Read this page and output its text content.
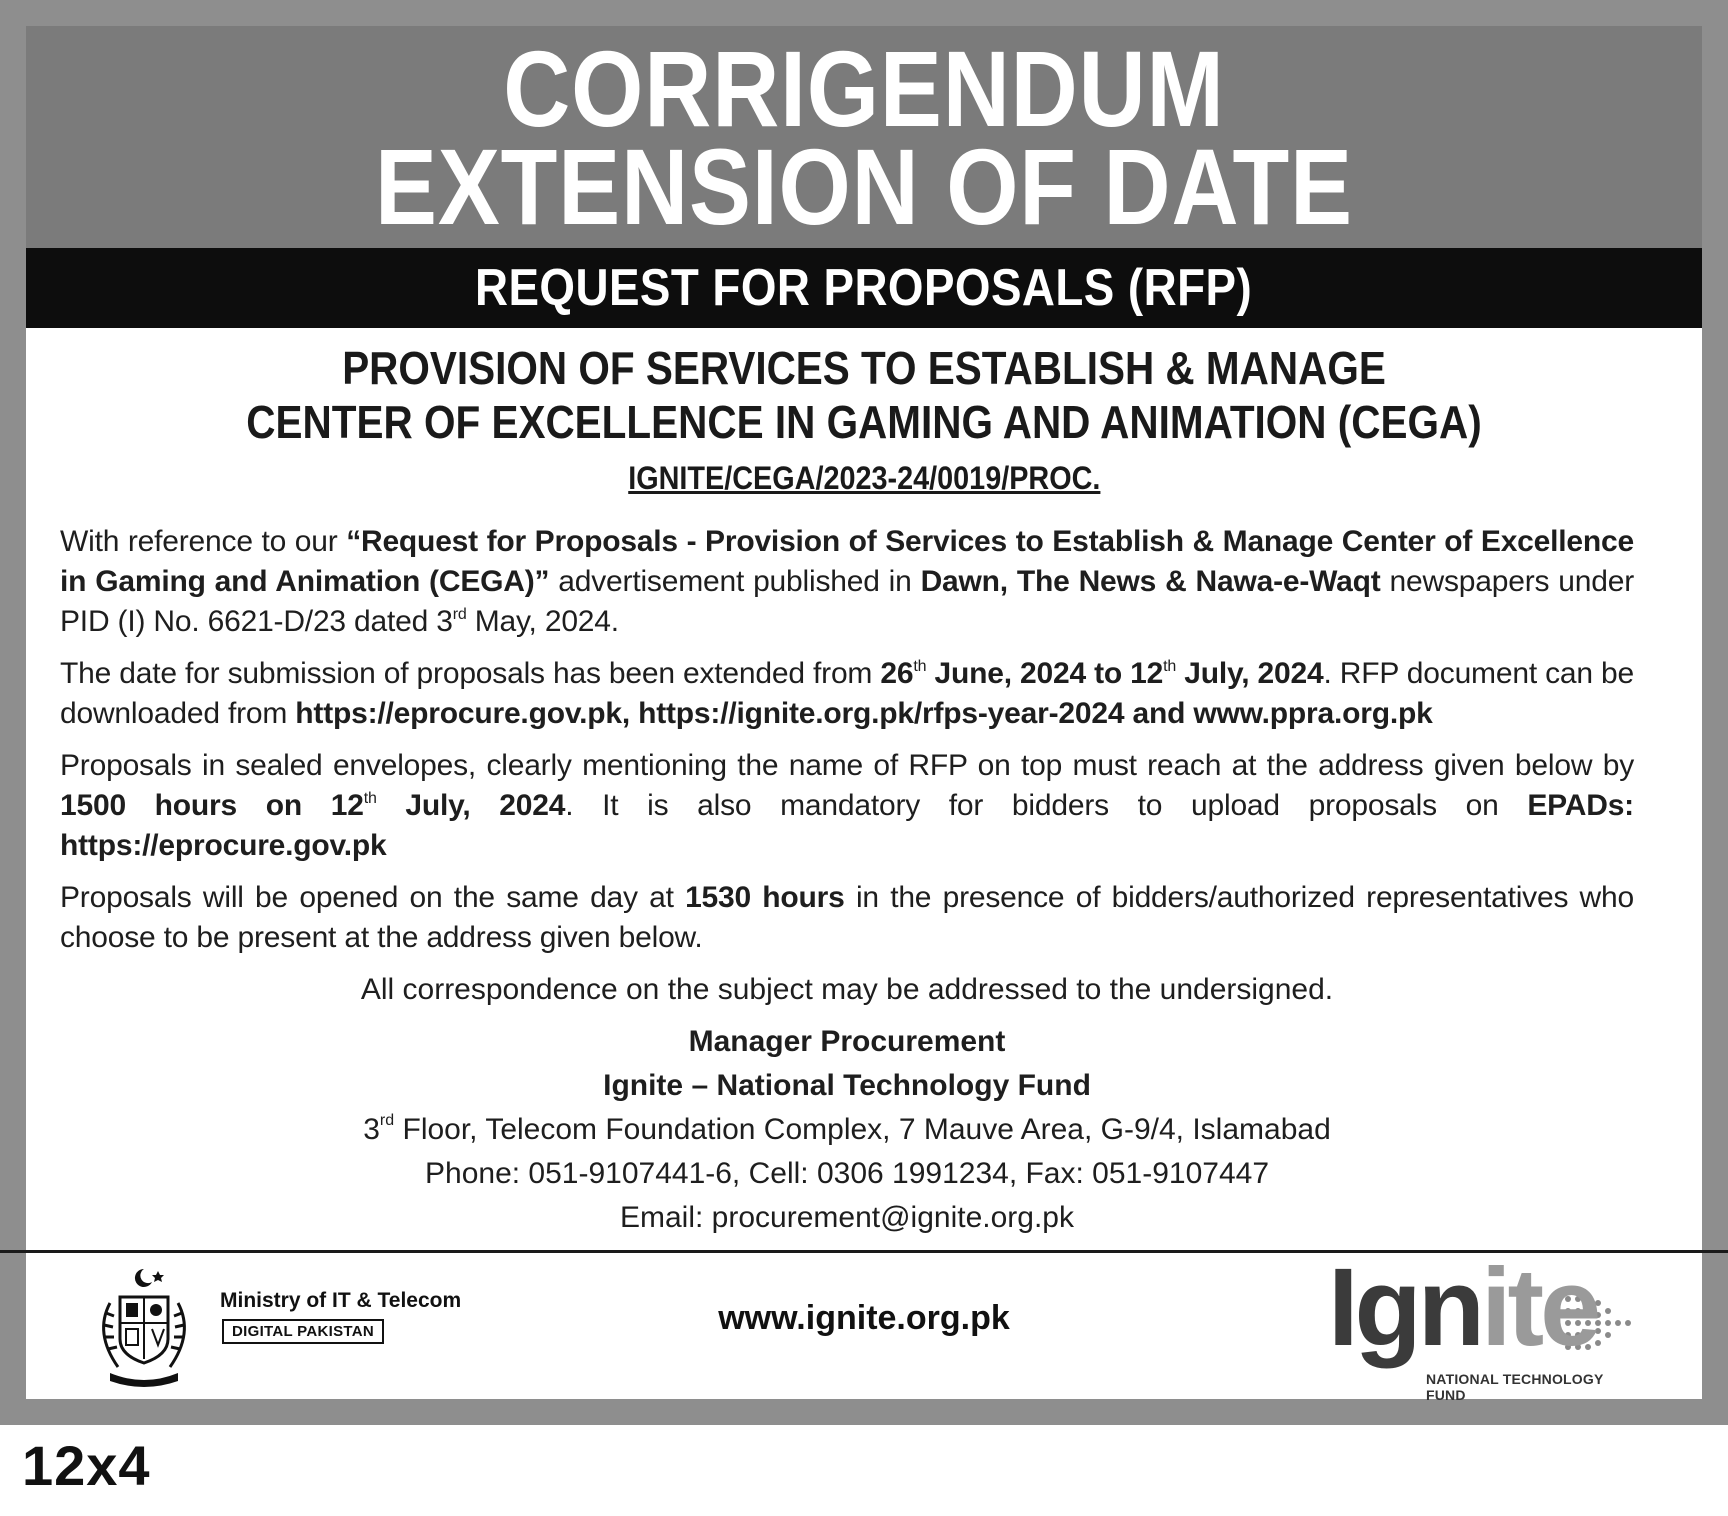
CORRIGENDUM
EXTENSION OF DATE
REQUEST FOR PROPOSALS (RFP)
PROVISION OF SERVICES TO ESTABLISH & MANAGE
CENTER OF EXCELLENCE IN GAMING AND ANIMATION (CEGA)
IGNITE/CEGA/2023-24/0019/PROC.

With reference to our “Request for Proposals - Provision of Services to Establish & Manage Center of Excellence in Gaming and Animation (CEGA)” advertisement published in Dawn, The News & Nawa-e-Waqt newspapers under PID (I) No. 6621-D/23 dated 3rd May, 2024.

The date for submission of proposals has been extended from 26th June, 2024 to 12th July, 2024. RFP document can be downloaded from https://eprocure.gov.pk, https://ignite.org.pk/rfps-year-2024 and www.ppra.org.pk

Proposals in sealed envelopes, clearly mentioning the name of RFP on top must reach at the address given below by 1500 hours on 12th July, 2024. It is also mandatory for bidders to upload proposals on EPADs: https://eprocure.gov.pk

Proposals will be opened on the same day at 1530 hours in the presence of bidders/authorized representatives who choose to be present at the address given below.

All correspondence on the subject may be addressed to the undersigned.
Manager Procurement
Ignite – National Technology Fund
3rd Floor, Telecom Foundation Complex, 7 Mauve Area, G-9/4, Islamabad
Phone: 051-9107441-6, Cell: 0306 1991234, Fax: 051-9107447
Email: procurement@ignite.org.pk
Ministry of IT & Telecom
DIGITAL PAKISTAN	www.ignite.org.pk	Ignite
NATIONAL TECHNOLOGY FUND
12x4
